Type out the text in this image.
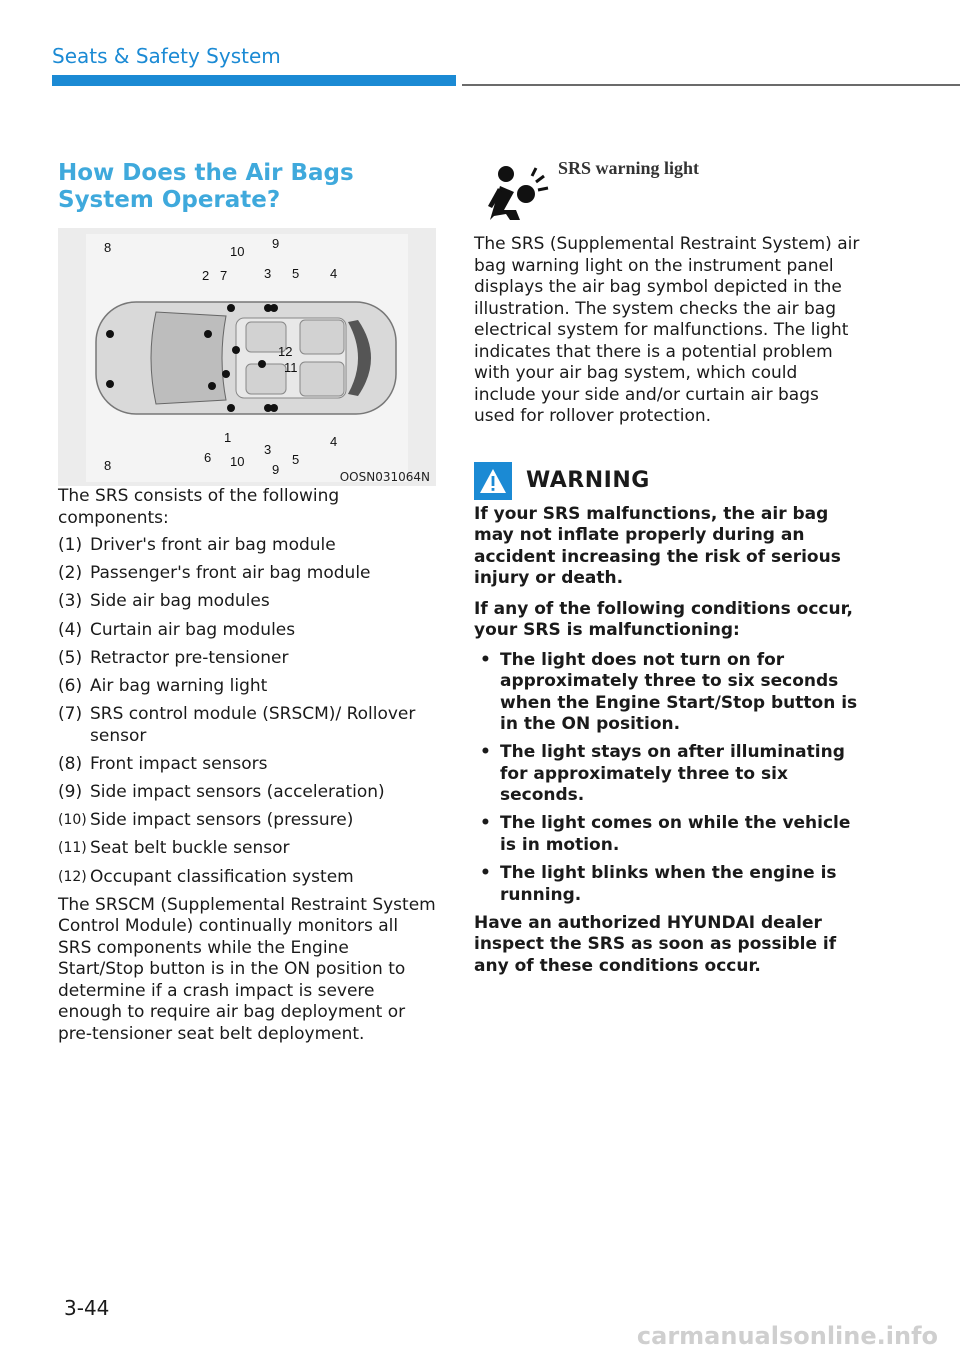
Seats & Safety System
How Does the Air Bags System Operate?
8
2 7
10
9
3 5 4
12
11
8
6
1
10
3
9
5
4
OOSN031064N

The SRS consists of the following components:

(1) Driver's front air bag module
(2) Passenger's front air bag module
(3) Side air bag modules
(4) Curtain air bag modules
(5) Retractor pre-tensioner
(6) Air bag warning light
(7) SRS control module (SRSCM)/ Rollover sensor
(8) Front impact sensors
(9) Side impact sensors (acceleration)
(10) Side impact sensors (pressure)
(11) Seat belt buckle sensor
(12) Occupant classification system

The SRSCM (Supplemental Restraint System Control Module) continually monitors all SRS components while the Engine Start/Stop button is in the ON position to determine if a crash impact is severe enough to require air bag deployment or pre-tensioner seat belt deployment.

SRS warning light

The SRS (Supplemental Restraint System) air bag warning light on the instrument panel displays the air bag symbol depicted in the illustration. The system checks the air bag electrical system for malfunctions. The light indicates that there is a potential problem with your air bag system, which could include your side and/or curtain air bags used for rollover protection.

WARNING

If your SRS malfunctions, the air bag may not inflate properly during an accident increasing the risk of serious injury or death.

If any of the following conditions occur, your SRS is malfunctioning:

• The light does not turn on for approximately three to six seconds when the Engine Start/Stop button is in the ON position.
• The light stays on after illuminating for approximately three to six seconds.
• The light comes on while the vehicle is in motion.
• The light blinks when the engine is running.

Have an authorized HYUNDAI dealer inspect the SRS as soon as possible if any of these conditions occur.

3-44
carmanualsonline.info
